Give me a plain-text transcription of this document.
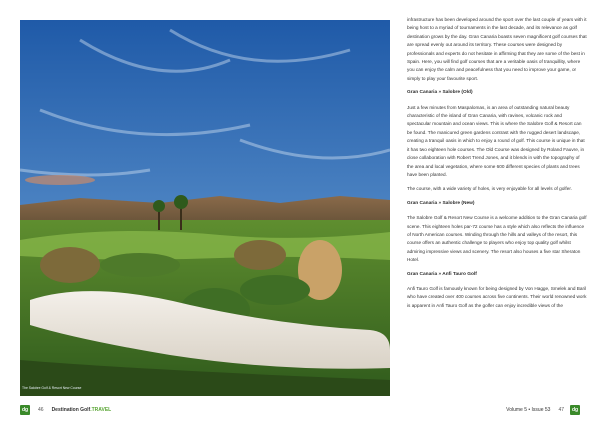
The Salobre Golf & Resort New Course

infrastructure has been developed around the sport over the last couple of years with it being host to a myriad of tournaments in the last decade, and its relevance as golf destination grows by the day. Gran Canaria boasts seven magnificent golf courses that are spread evenly out around its territory. These courses were designed by professionals and experts do not hesitate in affirming that they are some of the best in Spain. Here, you will find golf courses that are a veritable oasis of tranquillity, where you can enjoy the calm and peacefulness that you need to improve your game, or simply to play your favourite sport.

Gran Canaria » Salobre (Old)

Just a few minutes from Maspalomas, is an area of outstanding natural beauty characteristic of the island of Gran Canaria, with ravines, volcanic rock and spectacular mountain and ocean views. This is where the Salobre Golf & Resort can be found. The manicured green gardens contrast with the rugged desert landscape, creating a tranquil oasis in which to enjoy a round of golf. This course is unique in that it has two eighteen hole courses. The Old Course was designed by Roland Fauvre, in close collaboration with Robert Trend Jones, and it blends in with the topography of the area and local vegetation, where some 600 different species of plants and trees have been planted.

The course, with a wide variety of holes, is very enjoyable for all levels of golfer.

Gran Canaria » Salobre (New)

The Salobre Golf & Resort New Course is a welcome addition to the Gran Canaria golf scene. This eighteen holes par-72 course has a style which also reflects the influence of North American courses. Winding through the hills and valleys of the resort, this course offers an authentic challenge to players who enjoy top quality golf whilst admiring impressive views and scenery. The resort also houses a five star Sheraton Hotel.

Gran Canaria » Anfi Tauro Golf

Anfi Tauro Golf is famously known for being designed by Von Hagge, Smelek and Baril who have created over 400 courses across five continents. Their world renowned work is apparent in Anfi Tauro Golf as the golfer can enjoy incredible views of the

dg	46 Destination Golf.TRAVEL	Volume 5 • Issue 53 47	dg
